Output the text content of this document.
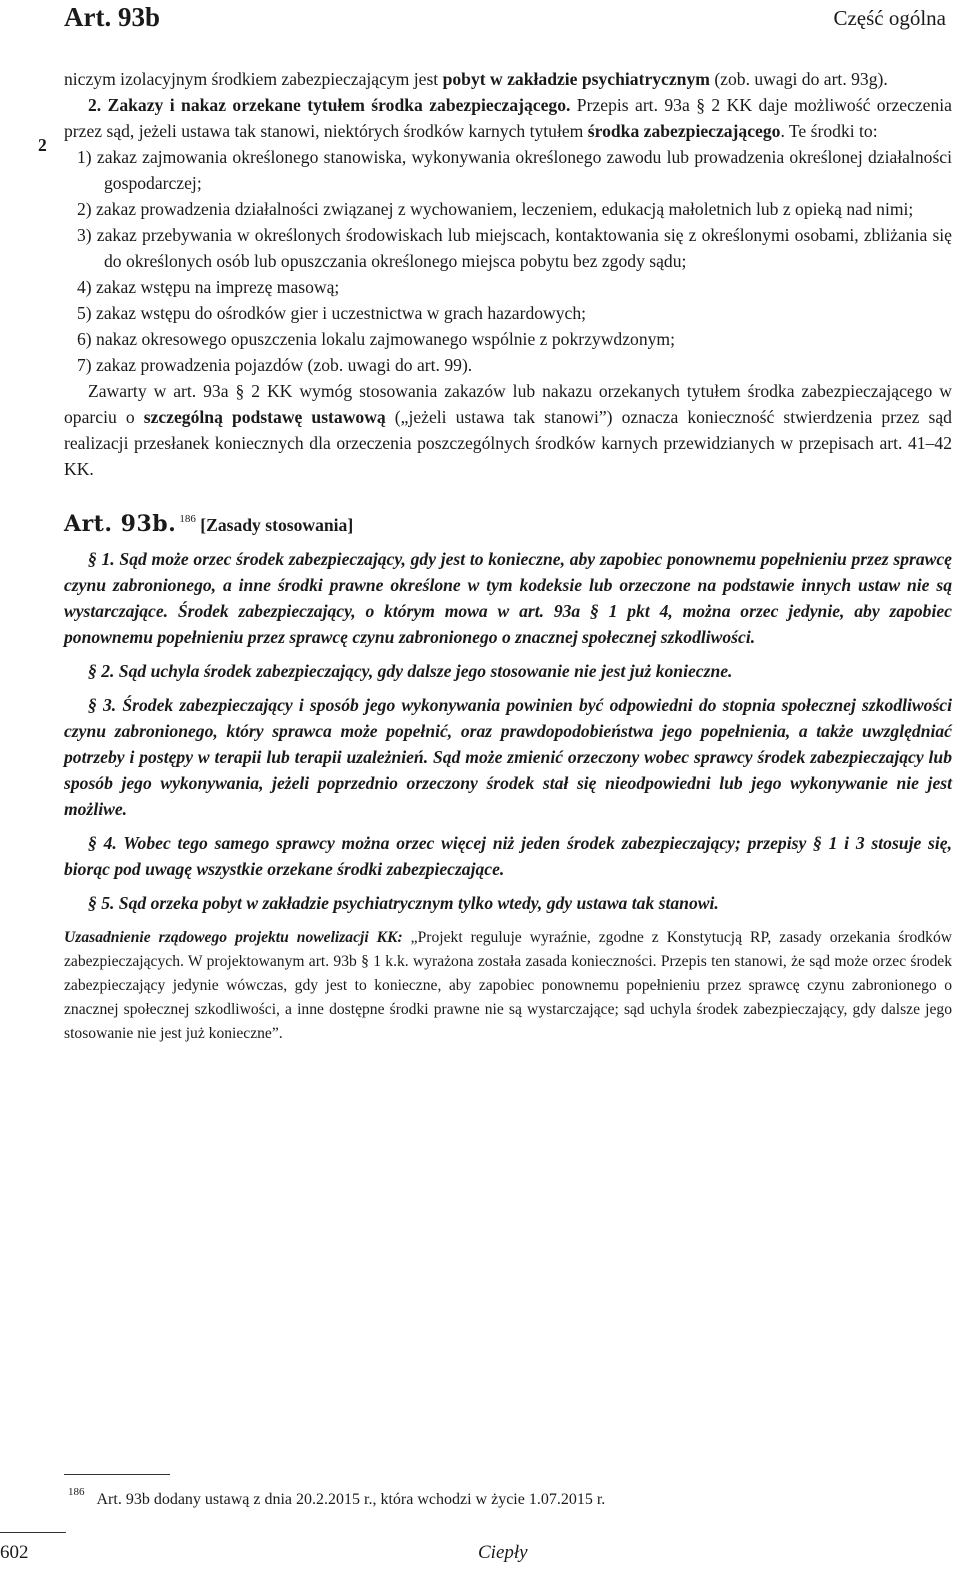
Art. 93b	Część ogólna
2

niczym izolacyjnym środkiem zabezpieczającym jest pobyt w zakładzie psychiatrycznym (zob. uwagi do art. 93g).

2. Zakazy i nakaz orzekane tytułem środka zabezpieczającego. Przepis art. 93a § 2 KK daje możliwość orzeczenia przez sąd, jeżeli ustawa tak stanowi, niektórych środków karnych tytułem środka zabezpieczającego. Te środki to:

1) zakaz zajmowania określonego stanowiska, wykonywania określonego zawodu lub prowadzenia określonej działalności gospodarczej;
2) zakaz prowadzenia działalności związanej z wychowaniem, leczeniem, edukacją małoletnich lub z opieką nad nimi;
3) zakaz przebywania w określonych środowiskach lub miejscach, kontaktowania się z określonymi osobami, zbliżania się do określonych osób lub opuszczania określonego miejsca pobytu bez zgody sądu;
4) zakaz wstępu na imprezę masową;
5) zakaz wstępu do ośrodków gier i uczestnictwa w grach hazardowych;
6) nakaz okresowego opuszczenia lokalu zajmowanego wspólnie z pokrzywdzonym;
7) zakaz prowadzenia pojazdów (zob. uwagi do art. 99).

Zawarty w art. 93a § 2 KK wymóg stosowania zakazów lub nakazu orzekanych tytułem środka zabezpieczającego w oparciu o szczególną podstawę ustawową („jeżeli ustawa tak stanowi”) oznacza konieczność stwierdzenia przez sąd realizacji przesłanek koniecznych dla orzeczenia poszczególnych środków karnych przewidzianych w przepisach art. 41–42 KK.

Art. 93b. $^{186}$ [Zasady stosowania]

§ 1. Sąd może orzec środek zabezpieczający, gdy jest to konieczne, aby zapobiec ponownemu popełnieniu przez sprawcę czynu zabronionego, a inne środki prawne określone w tym kodeksie lub orzeczone na podstawie innych ustaw nie są wystarczające. Środek zabezpieczający, o którym mowa w art. 93a § 1 pkt 4, można orzec jedynie, aby zapobiec ponownemu popełnieniu przez sprawcę czynu zabronionego o znacznej społecznej szkodliwości.

§ 2. Sąd uchyla środek zabezpieczający, gdy dalsze jego stosowanie nie jest już konieczne.

§ 3. Środek zabezpieczający i sposób jego wykonywania powinien być odpowiedni do stopnia społecznej szkodliwości czynu zabronionego, który sprawca może popełnić, oraz prawdopodobieństwa jego popełnienia, a także uwzględniać potrzeby i postępy w terapii lub terapii uzależnień. Sąd może zmienić orzeczony wobec sprawcy środek zabezpieczający lub sposób jego wykonywania, jeżeli poprzednio orzeczony środek stał się nieodpowiedni lub jego wykonywanie nie jest możliwe.

§ 4. Wobec tego samego sprawcy można orzec więcej niż jeden środek zabezpieczający; przepisy § 1 i 3 stosuje się, biorąc pod uwagę wszystkie orzekane środki zabezpieczające.

§ 5. Sąd orzeka pobyt w zakładzie psychiatrycznym tylko wtedy, gdy ustawa tak stanowi.

Uzasadnienie rządowego projektu nowelizacji KK: „Projekt reguluje wyraźnie, zgodne z Konstytucją RP, zasady orzekania środków zabezpieczających. W projektowanym art. 93b § 1 k.k. wyrażona została zasada konieczności. Przepis ten stanowi, że sąd może orzec środek zabezpieczający jedynie wówczas, gdy jest to konieczne, aby zapobiec ponownemu popełnieniu przez sprawcę czynu zabronionego o znacznej społecznej szkodliwości, a inne dostępne środki prawne nie są wystarczające; sąd uchyla środek zabezpieczający, gdy dalsze jego stosowanie nie jest już konieczne”.

$^{186}$ Art. 93b dodany ustawą z dnia 20.2.2015 r., która wchodzi w życie 1.07.2015 r.
602	Ciepły
